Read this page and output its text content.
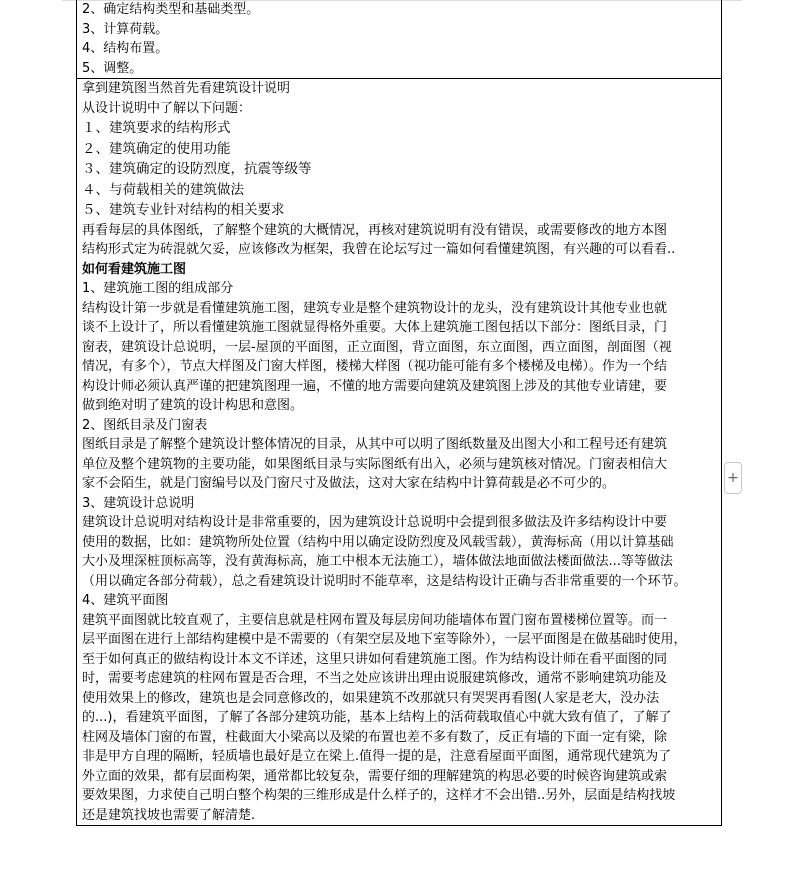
2、确定结构类型和基础类型。
3、计算荷载。
4、结构布置。
5、调整。

拿到建筑图当然首先看建筑设计说明
从设计说明中了解以下问题：
１、建筑要求的结构形式
２、建筑确定的使用功能
３、建筑确定的设防烈度，抗震等级等
４、与荷载相关的建筑做法
５、建筑专业针对结构的相关要求
再看每层的具体图纸，了解整个建筑的大概情况，再核对建筑说明有没有错误，或需要修改的地方本图
结构形式定为砖混就欠妥，应该修改为框架，我曾在论坛写过一篇如何看懂建筑图，有兴趣的可以看看..
如何看建筑施工图
1、建筑施工图的组成部分
结构设计第一步就是看懂建筑施工图，建筑专业是整个建筑物设计的龙头，没有建筑设计其他专业也就
谈不上设计了，所以看懂建筑施工图就显得格外重要。大体上建筑施工图包括以下部分：图纸目录，门
窗表，建筑设计总说明，一层-屋顶的平面图，正立面图，背立面图，东立面图，西立面图，剖面图（视
情况，有多个），节点大样图及门窗大样图，楼梯大样图（视功能可能有多个楼梯及电梯）。作为一个结
构设计师必须认真严谨的把建筑图理一遍，不懂的地方需要向建筑及建筑图上涉及的其他专业请建，要
做到绝对明了建筑的设计构思和意图。
2、图纸目录及门窗表
图纸目录是了解整个建筑设计整体情况的目录，从其中可以明了图纸数量及出图大小和工程号还有建筑
单位及整个建筑物的主要功能，如果图纸目录与实际图纸有出入，必须与建筑核对情况。门窗表相信大
家不会陌生，就是门窗编号以及门窗尺寸及做法，这对大家在结构中计算荷载是必不可少的。
3、建筑设计总说明
建筑设计总说明对结构设计是非常重要的，因为建筑设计总说明中会提到很多做法及许多结构设计中要
使用的数据，比如：建筑物所处位置（结构中用以确定设防烈度及风载雪载），黄海标高（用以计算基础
大小及埋深桩顶标高等，没有黄海标高，施工中根本无法施工），墙体做法地面做法楼面做法...等等做法
（用以确定各部分荷载），总之看建筑设计说明时不能草率，这是结构设计正确与否非常重要的一个环节。
4、建筑平面图
建筑平面图就比较直观了，主要信息就是柱网布置及每层房间功能墙体布置门窗布置楼梯位置等。而一
层平面图在进行上部结构建模中是不需要的（有架空层及地下室等除外），一层平面图是在做基础时使用，
至于如何真正的做结构设计本文不详述，这里只讲如何看建筑施工图。作为结构设计师在看平面图的同
时，需要考虑建筑的柱网布置是否合理，不当之处应该讲出理由说服建筑修改，通常不影响建筑功能及
使用效果上的修改，建筑也是会同意修改的，如果建筑不改那就只有哭哭再看图(人家是老大，没办法
的...)，看建筑平面图，了解了各部分建筑功能，基本上结构上的活荷载取值心中就大致有值了，了解了
柱网及墙体门窗的布置，柱截面大小梁高以及梁的布置也差不多有数了，反正有墙的下面一定有梁，除
非是甲方自理的隔断，轻质墙也最好是立在梁上.值得一提的是，注意看屋面平面图，通常现代建筑为了
外立面的效果，都有层面构架，通常都比较复杂，需要仔细的理解建筑的构思必要的时候咨询建筑或索
要效果图，力求使自己明白整个构架的三维形成是什么样子的，这样才不会出错..另外，层面是结构找坡
还是建筑找坡也需要了解清楚.
+
